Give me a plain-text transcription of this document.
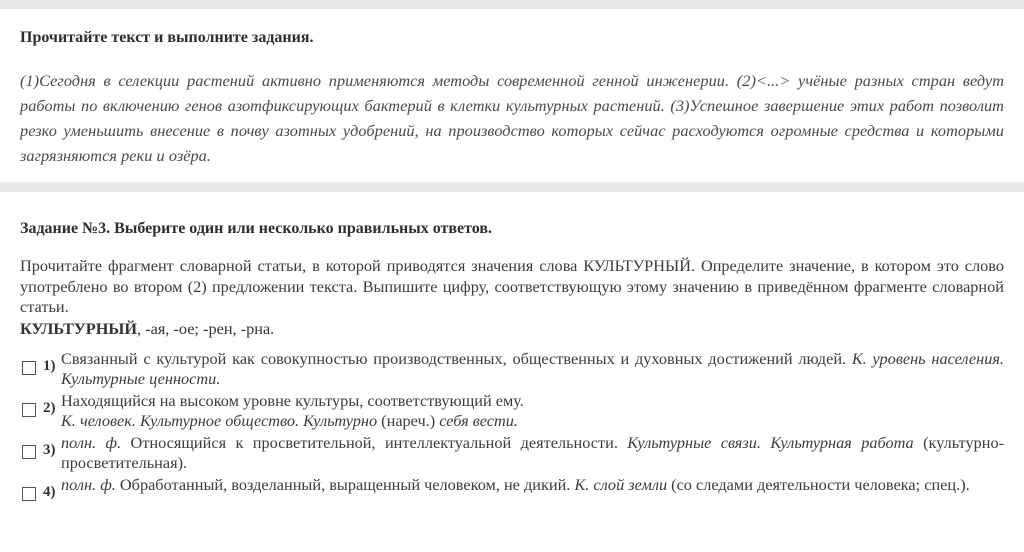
Прочитайте текст и выполните задания.
(1)Сегодня в селекции растений активно применяются методы современной генной инженерии. (2)<...> учёные разных стран ведут работы по включению генов азотфиксирующих бактерий в клетки культурных растений. (3)Успешное завершение этих работ позволит резко уменьшить внесение в почву азотных удобрений, на производство которых сейчас расходуются огромные средства и которыми загрязняются реки и озёра.
Задание №3. Выберите один или несколько правильных ответов.
Прочитайте фрагмент словарной статьи, в которой приводятся значения слова КУЛЬТУРНЫЙ. Определите значение, в котором это слово употреблено во втором (2) предложении текста. Выпишите цифру, соответствующую этому значению в приведённом фрагменте словарной статьи.
КУЛЬТУРНЫЙ, -ая, -ое; -рен, -рна.
1) Связанный с культурой как совокупностью производственных, общественных и духовных достижений людей. К. уровень населения. Культурные ценности.
2) Находящийся на высоком уровне культуры, соответствующий ему.
К. человек. Культурное общество. Культурно (нареч.) себя вести.
3) полн. ф. Относящийся к просветительной, интеллектуальной деятельности. Культурные связи. Культурная работа (культурно-просветительная).
4) полн. ф. Обработанный, возделанный, выращенный человеком, не дикий. К. слой земли (со следами деятельности человека; спец.).
